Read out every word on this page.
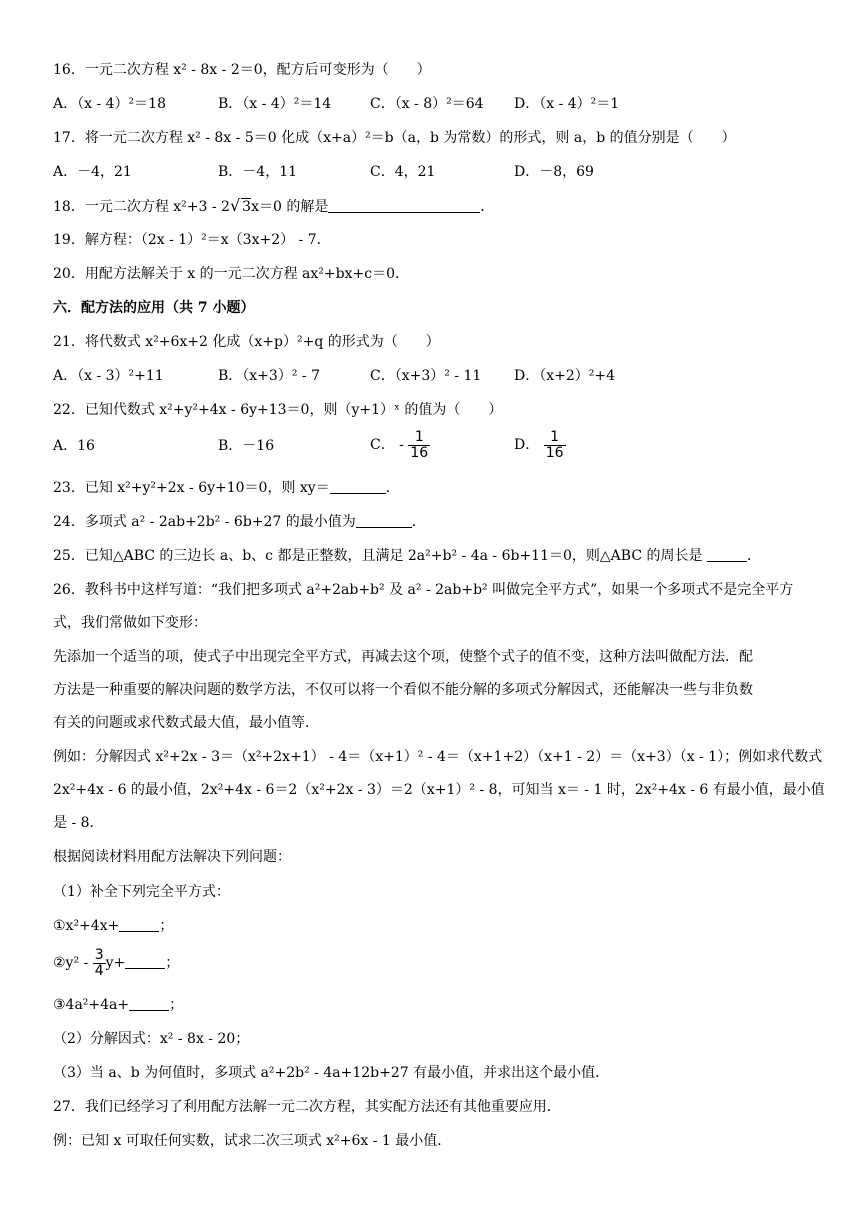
16．一元二次方程 x² - 8x - 2＝0，配方后可变形为（　　）
A．（x - 4）²＝18	B．（x - 4）²＝14	C．（x - 8）²＝64 D．（x - 4）²＝1
17．将一元二次方程 x² - 8x - 5＝0 化成（x+a）²＝b（a，b 为常数）的形式，则 a，b 的值分别是（　　）
A．－4，21	B．－4，11	C．4，21	D．－8，69
18．一元二次方程 x²+3 - 2√ 3x＝0 的解是	．
19．解方程：（2x - 1）²＝x（3x+2） - 7．
20．用配方法解关于 x 的一元二次方程 ax²+bx+c＝0．
六．配方法的应用（共 7 小题）
21．将代数式 x²+6x+2 化成（x+p）²+q 的形式为（　　）
A．（x - 3）²+11	B．（x+3）² - 7	C．（x+3）² - 11 D．（x+2）²+4
22．已知代数式 x²+y²+4x - 6y+13＝0，则（y+1）ˣ 的值为（　　）
A．16	B．－16	C． - $\frac{1}{16}$	D． $\frac{1}{16}$
23．已知 x²+y²+2x - 6y+10＝0，则 xy＝	．
24．多项式 a² - 2ab+2b² - 6b+27 的最小值为	．
25．已知△ABC 的三边长 a、b、c 都是正整数，且满足 2a²+b² - 4a - 6b+11＝0，则△ABC 的周长是	．
26．教科书中这样写道：“我们把多项式 a²+2ab+b² 及 a² - 2ab+b² 叫做完全平方式”，如果一个多项式不是完全平方
式，我们常做如下变形：
先添加一个适当的项，使式子中出现完全平方式，再减去这个项，使整个式子的值不变，这种方法叫做配方法．配
方法是一种重要的解决问题的数学方法，不仅可以将一个看似不能分解的多项式分解因式，还能解决一些与非负数
有关的问题或求代数式最大值，最小值等．
例如：分解因式 x²+2x - 3＝（x²+2x+1） - 4＝（x+1）² - 4＝（x+1+2）（x+1 - 2）＝（x+3）（x - 1）；例如求代数式
2x²+4x - 6 的最小值，2x²+4x - 6＝2（x²+2x - 3）＝2（x+1）² - 8，可知当 x＝ - 1 时，2x²+4x - 6 有最小值，最小值
是 - 8．
根据阅读材料用配方法解决下列问题：
（1）补全下列完全平方式：
①x²+4x+	；
②y² - $\frac{3}{4} y+$	；
③4a²+4a+	；
（2）分解因式：x² - 8x - 20；
（3）当 a、b 为何值时，多项式 a²+2b² - 4a+12b+27 有最小值，并求出这个最小值．
27．我们已经学习了利用配方法解一元二次方程，其实配方法还有其他重要应用．
例：已知 x 可取任何实数，试求二次三项式 x²+6x - 1 最小值．
